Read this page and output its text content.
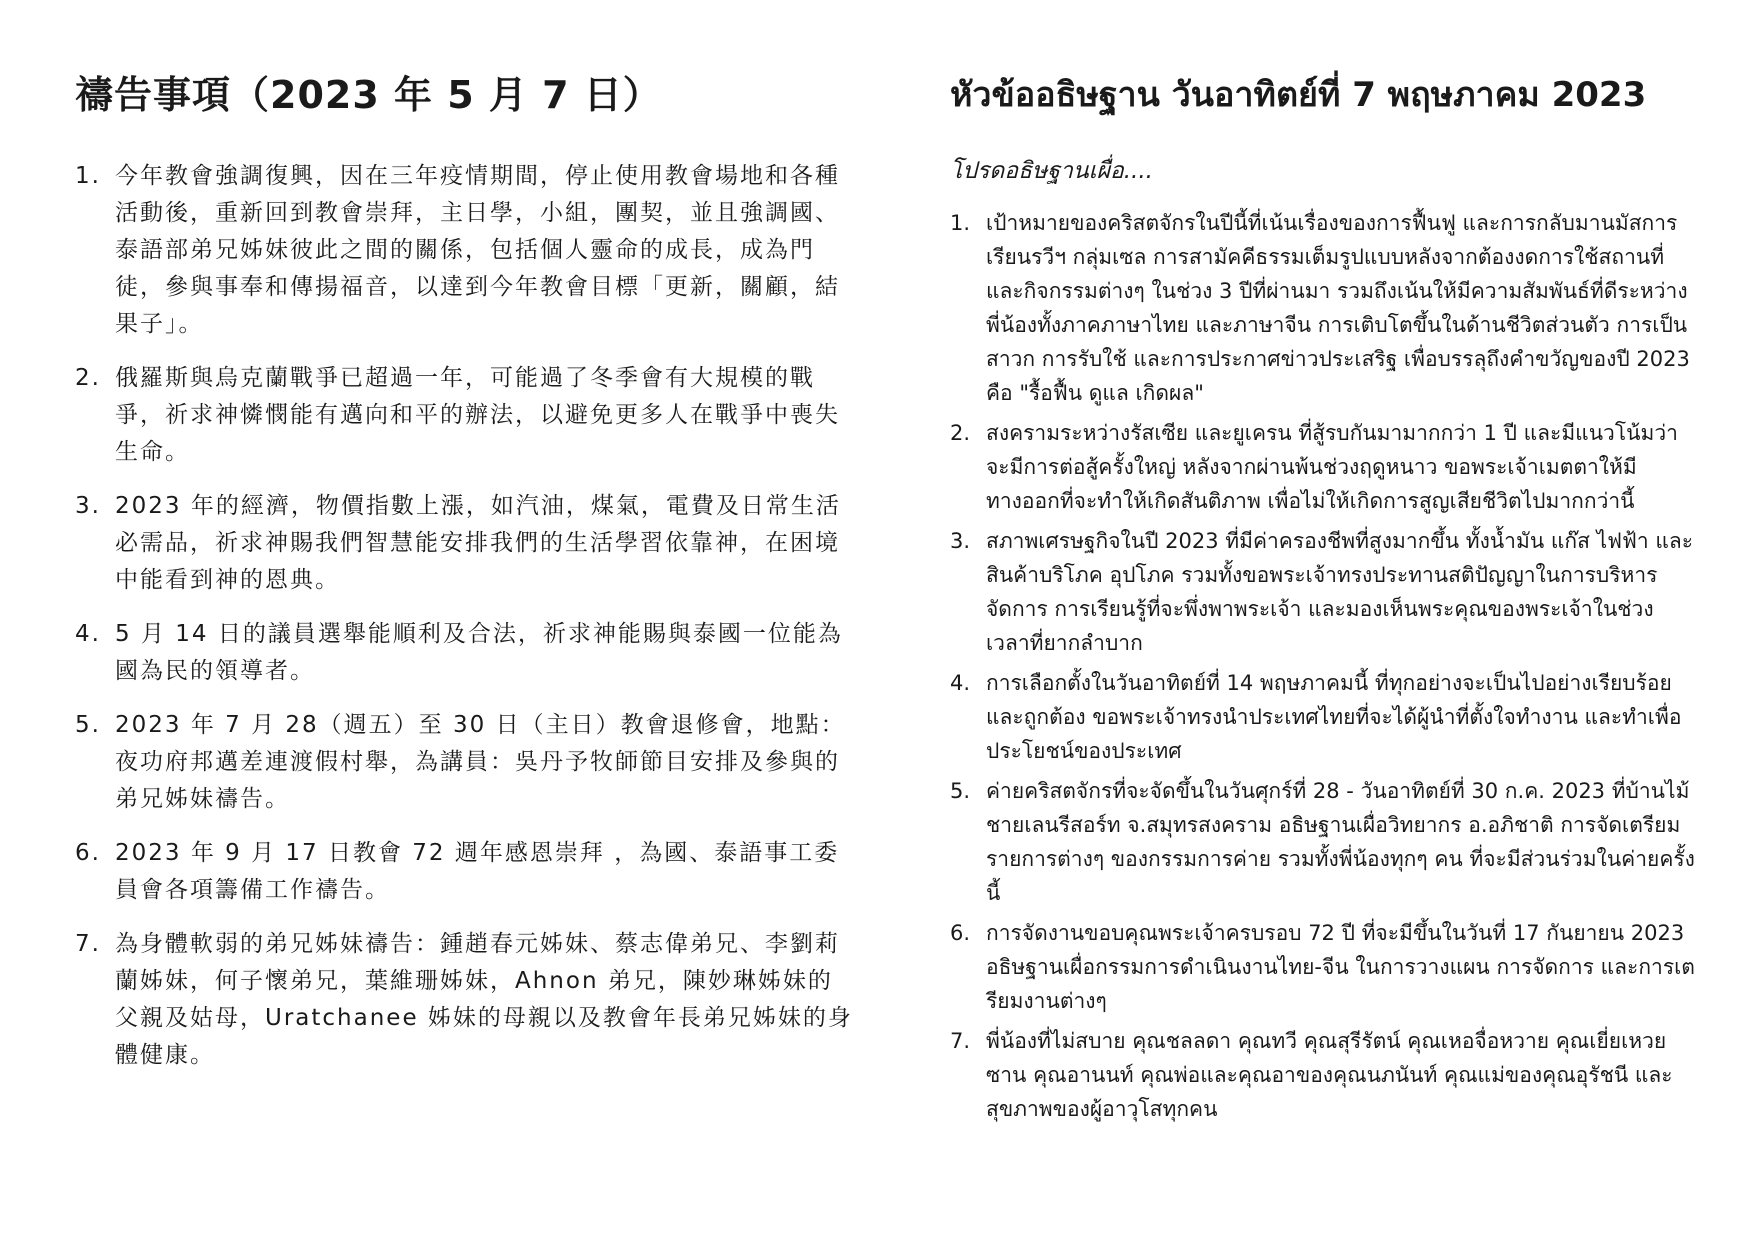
禱告事項（2023 年 5 月 7 日）
1. 今年教會強調復興，因在三年疫情期間，停止使用教會場地和各種活動後，重新回到教會崇拜，主日學，小組，團契，並且強調國、泰語部弟兄姊妹彼此之間的關係，包括個人靈命的成長，成為門徒，參與事奉和傳揚福音，以達到今年教會目標「更新，關顧，結果子」。
2. 俄羅斯與烏克蘭戰爭已超過一年，可能過了冬季會有大規模的戰爭，祈求神憐憫能有邁向和平的辦法，以避免更多人在戰爭中喪失生命。
3. 2023 年的經濟，物價指數上漲，如汽油，煤氣，電費及日常生活必需品，祈求神賜我們智慧能安排我們的生活學習依靠神，在困境中能看到神的恩典。
4. 5 月 14 日的議員選舉能順利及合法，祈求神能賜與泰國一位能為國為民的領導者。
5. 2023 年 7 月 28（週五）至 30 日（主日）教會退修會，地點：夜功府邦邁差連渡假村舉，為講員：吳丹予牧師節目安排及參與的弟兄姊妹禱告。
6. 2023 年 9 月 17 日教會 72 週年感恩崇拜 ，為國、泰語事工委員會各項籌備工作禱告。
7. 為身體軟弱的弟兄姊妹禱告：鍾趙春元姊妹、蔡志偉弟兄、李劉莉蘭姊妹，何子懷弟兄，葉維珊姊妹，Ahnon 弟兄，陳妙琳姊妹的父親及姑母，Uratchanee 姊妹的母親以及教會年長弟兄姊妹的身體健康。
หัวข้ออธิษฐาน วันอาทิตย์ที่ 7 พฤษภาคม 2023

โปรดอธิษฐานเผื่อ....

1. เป้าหมายของคริสตจักรในปีนี้ที่เน้นเรื่องของการฟื้นฟู และการกลับมานมัสการ เรียนรวีฯ กลุ่มเซล การสามัคคีธรรมเต็มรูปแบบหลังจากต้องงดการใช้สถานที่และกิจกรรมต่างๆ ในช่วง 3 ปีที่ผ่านมา รวมถึงเน้นให้มีความสัมพันธ์ที่ดีระหว่างพี่น้องทั้งภาคภาษาไทย และภาษาจีน การเติบโตขึ้นในด้านชีวิตส่วนตัว การเป็นสาวก การรับใช้ และการประกาศข่าวประเสริฐ เพื่อบรรลุถึงคำขวัญของปี 2023 คือ "รื้อฟื้น ดูแล เกิดผล"
2. สงครามระหว่างรัสเซีย และยูเครน ที่สู้รบกันมามากกว่า 1 ปี และมีแนวโน้มว่าจะมีการต่อสู้ครั้งใหญ่ หลังจากผ่านพ้นช่วงฤดูหนาว ขอพระเจ้าเมตตาให้มีทางออกที่จะทำให้เกิดสันติภาพ เพื่อไม่ให้เกิดการสูญเสียชีวิตไปมากกว่านี้
3. สภาพเศรษฐกิจในปี 2023 ที่มีค่าครองชีพที่สูงมากขึ้น ทั้งน้ำมัน แก๊ส ไฟฟ้า และสินค้าบริโภค อุปโภค รวมทั้งขอพระเจ้าทรงประทานสติปัญญาในการบริหารจัดการ การเรียนรู้ที่จะพึ่งพาพระเจ้า และมองเห็นพระคุณของพระเจ้าในช่วงเวลาที่ยากลำบาก
4. การเลือกตั้งในวันอาทิตย์ที่ 14 พฤษภาคมนี้ ที่ทุกอย่างจะเป็นไปอย่างเรียบร้อยและถูกต้อง ขอพระเจ้าทรงนำประเทศไทยที่จะได้ผู้นำที่ตั้งใจทำงาน และทำเพื่อประโยชน์ของประเทศ
5. ค่ายคริสตจักรที่จะจัดขึ้นในวันศุกร์ที่ 28 - วันอาทิตย์ที่ 30 ก.ค. 2023 ที่บ้านไม้ชายเลนรีสอร์ท จ.สมุทรสงคราม อธิษฐานเผื่อวิทยากร อ.อภิชาติ การจัดเตรียมรายการต่างๆ ของกรรมการค่าย รวมทั้งพี่น้องทุกๆ คน ที่จะมีส่วนร่วมในค่ายครั้งนี้
6. การจัดงานขอบคุณพระเจ้าครบรอบ 72 ปี ที่จะมีขึ้นในวันที่ 17 กันยายน 2023 อธิษฐานเผื่อกรรมการดำเนินงานไทย-จีน ในการวางแผน การจัดการ และการเตรียมงานต่างๆ
7. พี่น้องที่ไม่สบาย คุณชลลดา คุณทวี คุณสุรีรัตน์ คุณเหอจื่อหวาย คุณเยี่ยเหวยซาน คุณอานนท์ คุณพ่อและคุณอาของคุณนภนันท์ คุณแม่ของคุณอุรัชนี และสุขภาพของผู้อาวุโสทุกคน
